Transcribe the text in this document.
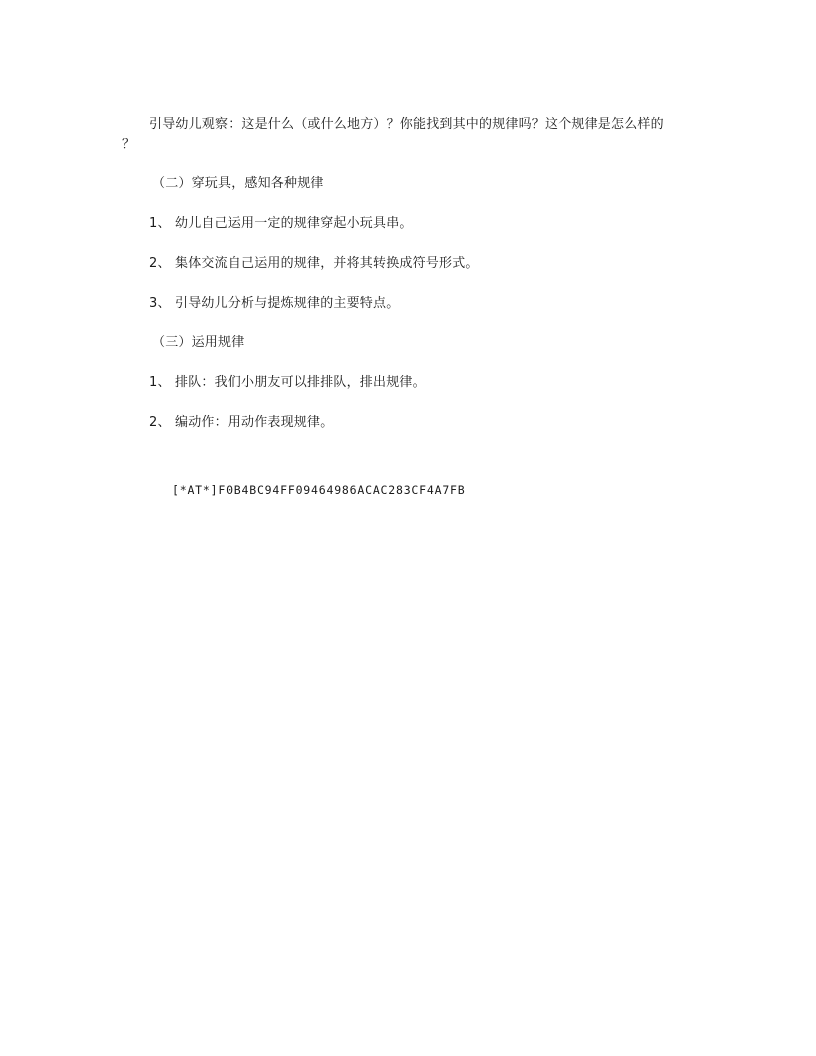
引导幼儿观察：这是什么（或什么地方）？你能找到其中的规律吗？这个规律是怎么样的
？
（二）穿玩具，感知各种规律
1、 幼儿自己运用一定的规律穿起小玩具串。
2、 集体交流自己运用的规律，并将其转换成符号形式。
3、 引导幼儿分析与提炼规律的主要特点。
（三）运用规律
1、 排队：我们小朋友可以排排队，排出规律。
2、 编动作：用动作表现规律。
[*AT*]F0B4BC94FF09464986ACAC283CF4A7FB
